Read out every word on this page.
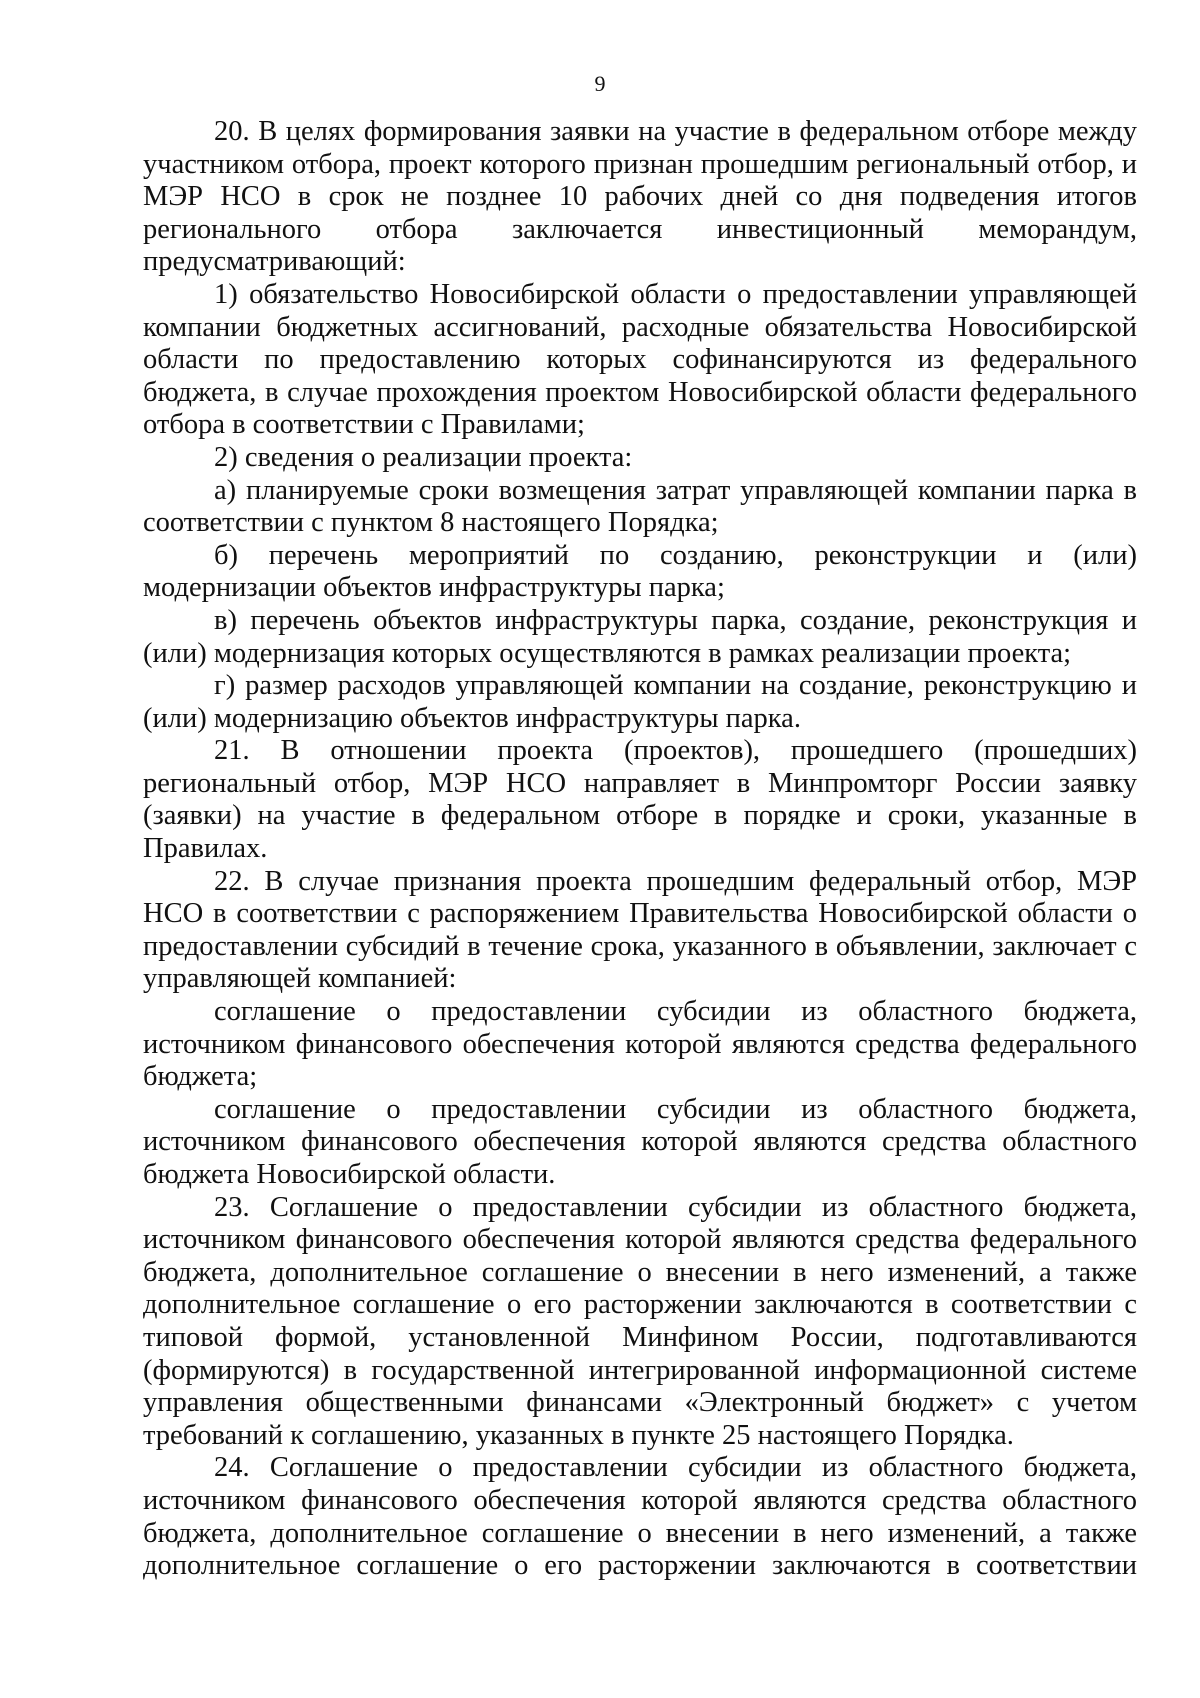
9

20. В целях формирования заявки на участие в федеральном отборе между участником отбора, проект которого признан прошедшим региональный отбор, и МЭР НСО в срок не позднее 10 рабочих дней со дня подведения итогов регионального отбора заключается инвестиционный меморандум, предусматривающий:

1) обязательство Новосибирской области о предоставлении управляющей компании бюджетных ассигнований, расходные обязательства Новосибирской области по предоставлению которых софинансируются из федерального бюджета, в случае прохождения проектом Новосибирской области федерального отбора в соответствии с Правилами;

2) сведения о реализации проекта:

а) планируемые сроки возмещения затрат управляющей компании парка в соответствии с пунктом 8 настоящего Порядка;

б) перечень мероприятий по созданию, реконструкции и (или) модернизации объектов инфраструктуры парка;

в) перечень объектов инфраструктуры парка, создание, реконструкция и (или) модернизация которых осуществляются в рамках реализации проекта;

г) размер расходов управляющей компании на создание, реконструкцию и (или) модернизацию объектов инфраструктуры парка.

21. В отношении проекта (проектов), прошедшего (прошедших) региональный отбор, МЭР НСО направляет в Минпромторг России заявку (заявки) на участие в федеральном отборе в порядке и сроки, указанные в Правилах.

22. В случае признания проекта прошедшим федеральный отбор, МЭР НСО в соответствии с распоряжением Правительства Новосибирской области о предоставлении субсидий в течение срока, указанного в объявлении, заключает с управляющей компанией:

соглашение о предоставлении субсидии из областного бюджета, источником финансового обеспечения которой являются средства федерального бюджета;

соглашение о предоставлении субсидии из областного бюджета, источником финансового обеспечения которой являются средства областного бюджета Новосибирской области.

23. Соглашение о предоставлении субсидии из областного бюджета, источником финансового обеспечения которой являются средства федерального бюджета, дополнительное соглашение о внесении в него изменений, а также дополнительное соглашение о его расторжении заключаются в соответствии с типовой формой, установленной Минфином России, подготавливаются (формируются) в государственной интегрированной информационной системе управления общественными финансами «Электронный бюджет» с учетом требований к соглашению, указанных в пункте 25 настоящего Порядка.

24. Соглашение о предоставлении субсидии из областного бюджета, источником финансового обеспечения которой являются средства областного бюджета, дополнительное соглашение о внесении в него изменений, а также дополнительное соглашение о его расторжении заключаются в соответствии
